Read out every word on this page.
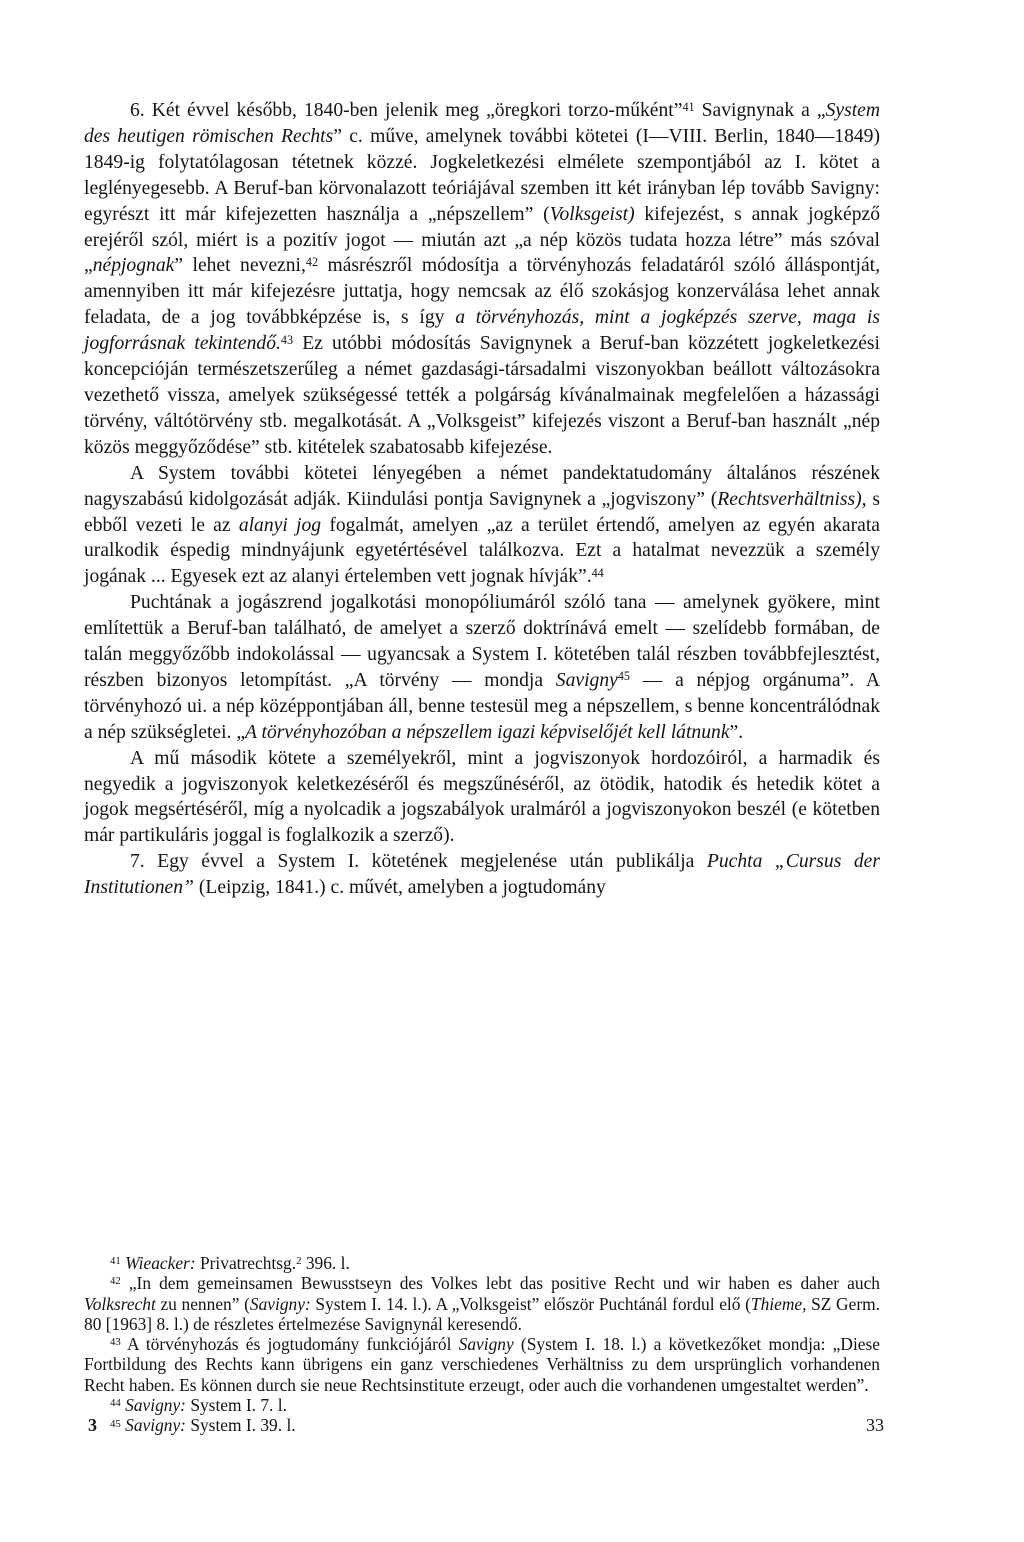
6. Két évvel később, 1840-ben jelenik meg „öregkori torzo-műként”$^{41}$ Savignynak a „System des heutigen römischen Rechts” c. műve, amelynek további kötetei (I—VIII. Berlin, 1840—1849) 1849-ig folytatólagosan tétetnek közzé. Jogkeletkezési elmélete szempontjából az I. kötet a leglényegesebb. A Beruf-ban körvonalazott teóriájával szemben itt két irányban lép tovább Savigny: egyrészt itt már kifejezetten használja a „népszellem” (Volksgeist) kifejezést, s annak jogképző erejéről szól, miért is a pozitív jogot — miután azt „a nép közös tudata hozza létre” más szóval „népjognak” lehet nevezni,$^{42}$ másrészről módosítja a törvényhozás feladatáról szóló álláspontját, amennyiben itt már kifejezésre juttatja, hogy nemcsak az élő szokásjog konzerválása lehet annak feladata, de a jog továbbképzése is, s így a törvényhozás, mint a jogképzés szerve, maga is jogforrásnak tekintendő.$^{43}$ Ez utóbbi módosítás Savignynek a Beruf-ban közzétett jogkeletkezési koncepcióján természetszerűleg a német gazdasági-társadalmi viszonyokban beállott változásokra vezethető vissza, amelyek szükségessé tették a polgárság kívánalmainak megfelelően a házassági törvény, váltótörvény stb. megalkotását. A „Volksgeist” kifejezés viszont a Beruf-ban használt „nép közös meggyőződése” stb. kitételek szabatosabb kifejezése.

A System további kötetei lényegében a német pandektatudomány általános részének nagyszabású kidolgozását adják. Kiindulási pontja Savignynek a „jogviszony” (Rechtsverhältniss), s ebből vezeti le az alanyi jog fogalmát, amelyen „az a terület értendő, amelyen az egyén akarata uralkodik éspedig mindnyájunk egyetértésével találkozva. Ezt a hatalmat nevezzük a személy jogának ... Egyesek ezt az alanyi értelemben vett jognak hívják”.$^{44}$

Puchtának a jogászrend jogalkotási monopóliumáról szóló tana — amelynek gyökere, mint említettük a Beruf-ban található, de amelyet a szerző doktrínává emelt — szelídebb formában, de talán meggyőzőbb indokolással — ugyancsak a System I. kötetében talál részben továbbfejlesztést, részben bizonyos letompítást. „A törvény — mondja Savigny$^{45}$ — a népjog orgánuma”. A törvényhozó ui. a nép középpontjában áll, benne testesül meg a népszellem, s benne koncentrálódnak a nép szükségletei. „A törvényhozóban a népszellem igazi képviselőjét kell látnunk”.

A mű második kötete a személyekről, mint a jogviszonyok hordozóiról, a harmadik és negyedik a jogviszonyok keletkezéséről és megszűnéséről, az ötödik, hatodik és hetedik kötet a jogok megsértéséről, míg a nyolcadik a jogszabályok uralmáról a jogviszonyokon beszél (e kötetben már partikuláris joggal is foglalkozik a szerző).

7. Egy évvel a System I. kötetének megjelenése után publikálja Puchta „Cursus der Institutionen” (Leipzig, 1841.) c. művét, amelyben a jogtudomány

$^{41}$ Wieacker: Privatrechtsg.$^2$ 396. l.

$^{42}$ „In dem gemeinsamen Bewusstseyn des Volkes lebt das positive Recht und wir haben es daher auch Volksrecht zu nennen” (Savigny: System I. 14. l.). A „Volksgeist” először Puchtánál fordul elő (Thieme, SZ Germ. 80 [1963] 8. l.) de részletes értelmezése Savignynál keresendő.

$^{43}$ A törvényhozás és jogtudomány funkciójáról Savigny (System I. 18. l.) a következőket mondja: „Diese Fortbildung des Rechts kann übrigens ein ganz verschiedenes Verhältniss zu dem ursprünglich vorhandenen Recht haben. Es können durch sie neue Rechtsinstitute erzeugt, oder auch die vorhandenen umgestaltet werden”.

$^{44}$ Savigny: System I. 7. l.

$^{45}$ Savigny: System I. 39. l.

3	33
